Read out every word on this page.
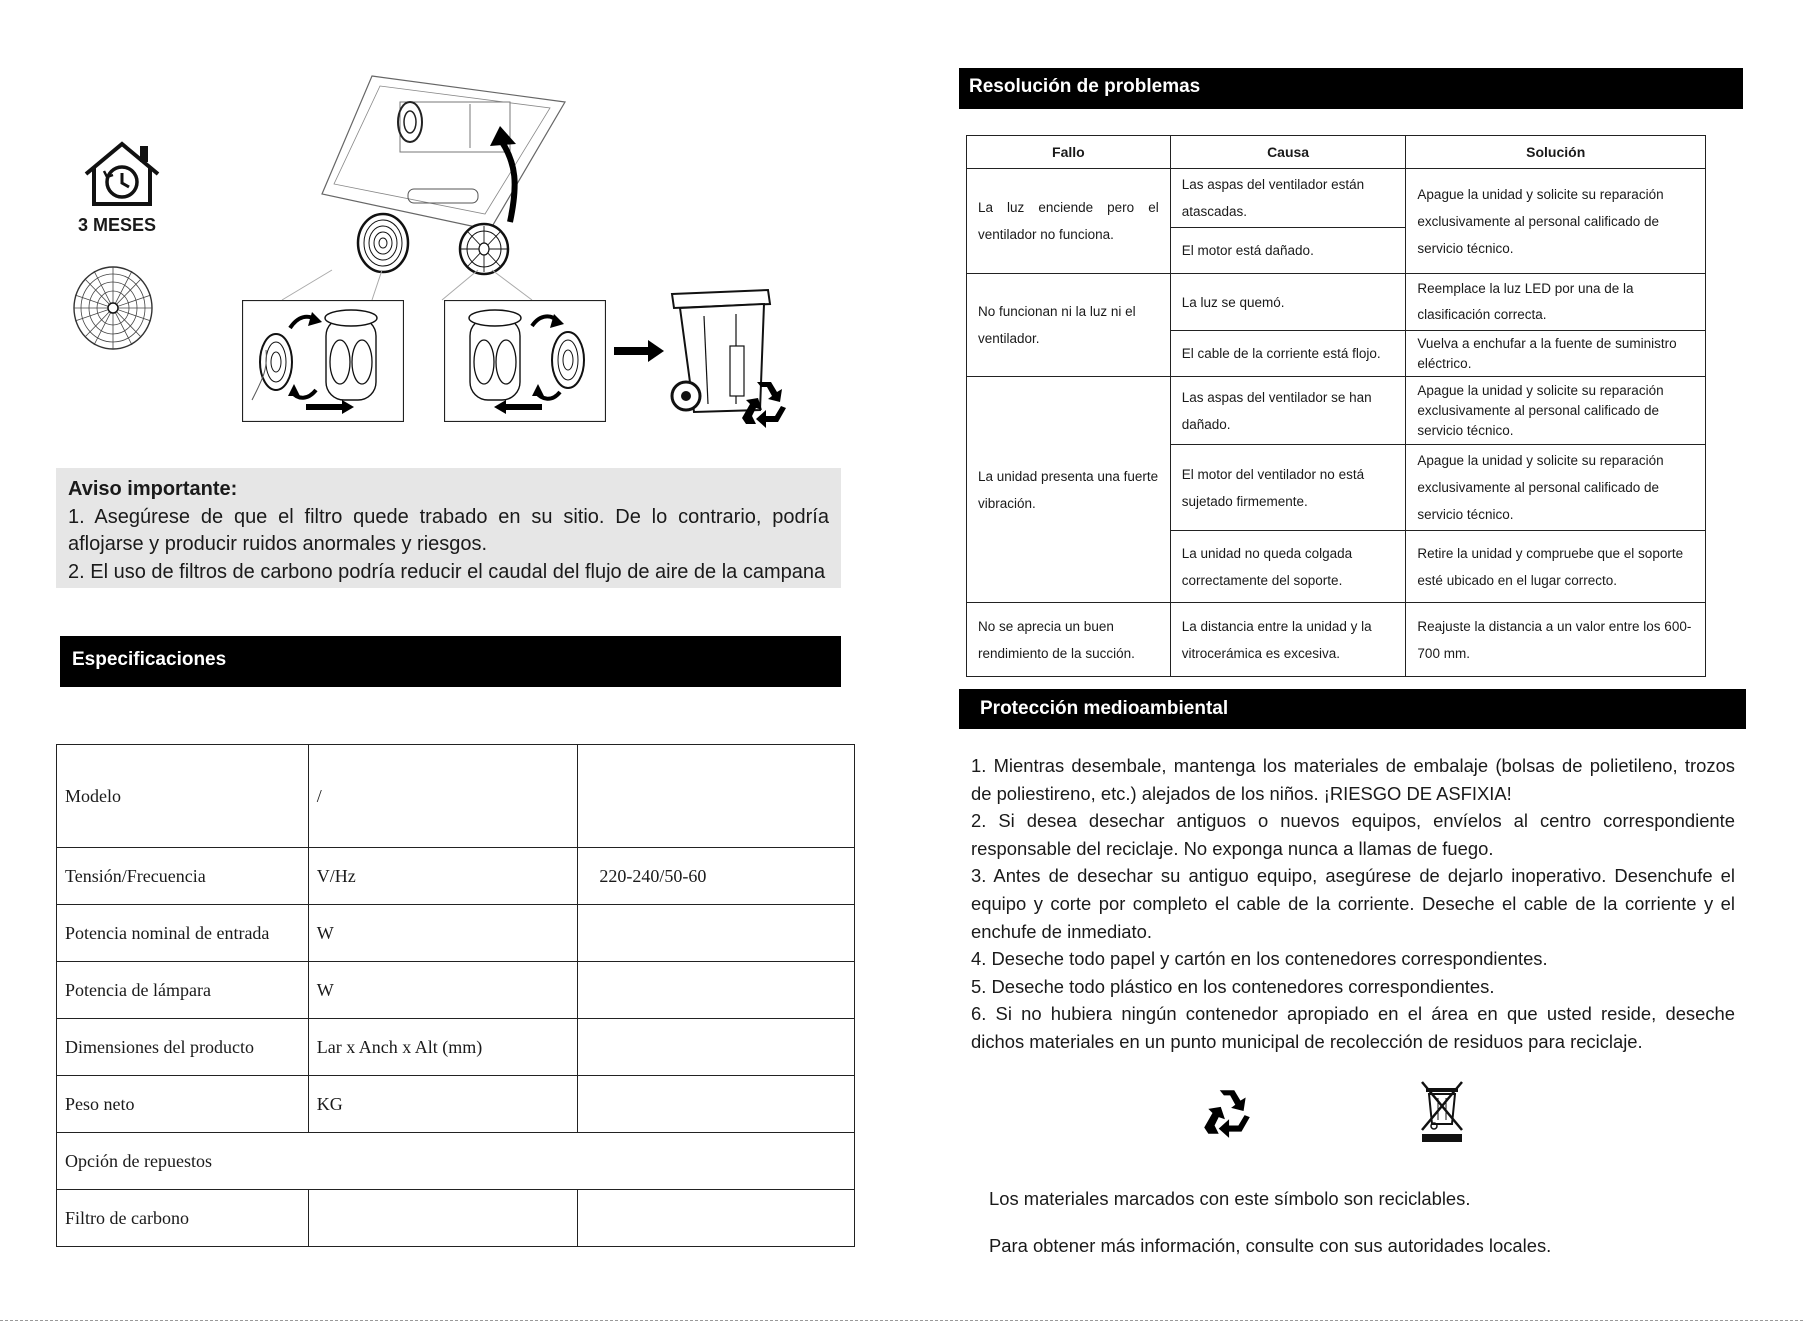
3 MESES
Aviso importante:
1. Asegúrese de que el filtro quede trabado en su sitio. De lo contrario, podría aflojarse y producir ruidos anormales y riesgos.
2. El uso de filtros de carbono podría reducir el caudal del flujo de aire de la campana
Especificaciones
Modelo	/	
Tensión/Frecuencia	V/Hz	220-240/50-60
Potencia nominal de entrada	W	
Potencia de lámpara	W	
Dimensiones del producto	Lar x Anch x Alt (mm)	
Peso neto	KG	
Opción de repuestos		
Filtro de carbono		
Resolución de problemas
Fallo	Causa	Solución
La luz enciende pero el ventilador no funciona.	Las aspas del ventilador están atascadas.	Apague la unidad y solicite su reparación exclusivamente al personal calificado de servicio técnico.
	El motor está dañado.	
No funcionan ni la luz ni el ventilador.	La luz se quemó.	Reemplace la luz LED por una de la clasificación correcta.
	El cable de la corriente está flojo.	Vuelva a enchufar a la fuente de suministro eléctrico.
La unidad presenta una fuerte vibración.	Las aspas del ventilador se han dañado.	Apague la unidad y solicite su reparación exclusivamente al personal calificado de servicio técnico.
	El motor del ventilador no está sujetado firmemente.	Apague la unidad y solicite su reparación exclusivamente al personal calificado de servicio técnico.
	La unidad no queda colgada correctamente del soporte.	Retire la unidad y compruebe que el soporte esté ubicado en el lugar correcto.
No se aprecia un buen rendimiento de la succión.	La distancia entre la unidad y la vitrocerámica es excesiva.	Reajuste la distancia a un valor entre los 600-700 mm.
Protección medioambiental

1. Mientras desembale, mantenga los materiales de embalaje (bolsas de polietileno, trozos de poliestireno, etc.) alejados de los niños. ¡RIESGO DE ASFIXIA!

2. Si desea desechar antiguos o nuevos equipos, envíelos al centro correspondiente responsable del reciclaje. No exponga nunca a llamas de fuego.

3. Antes de desechar su antiguo equipo, asegúrese de dejarlo inoperativo. Desenchufe el equipo y corte por completo el cable de la corriente. Deseche el cable de la corriente y el enchufe de inmediato.

4. Deseche todo papel y cartón en los contenedores correspondientes.

5. Deseche todo plástico en los contenedores correspondientes.

6. Si no hubiera ningún contenedor apropiado en el área en que usted reside, deseche dichos materiales en un punto municipal de recolección de residuos para reciclaje.

Los materiales marcados con este símbolo son reciclables.
Para obtener más información, consulte con sus autoridades locales.
